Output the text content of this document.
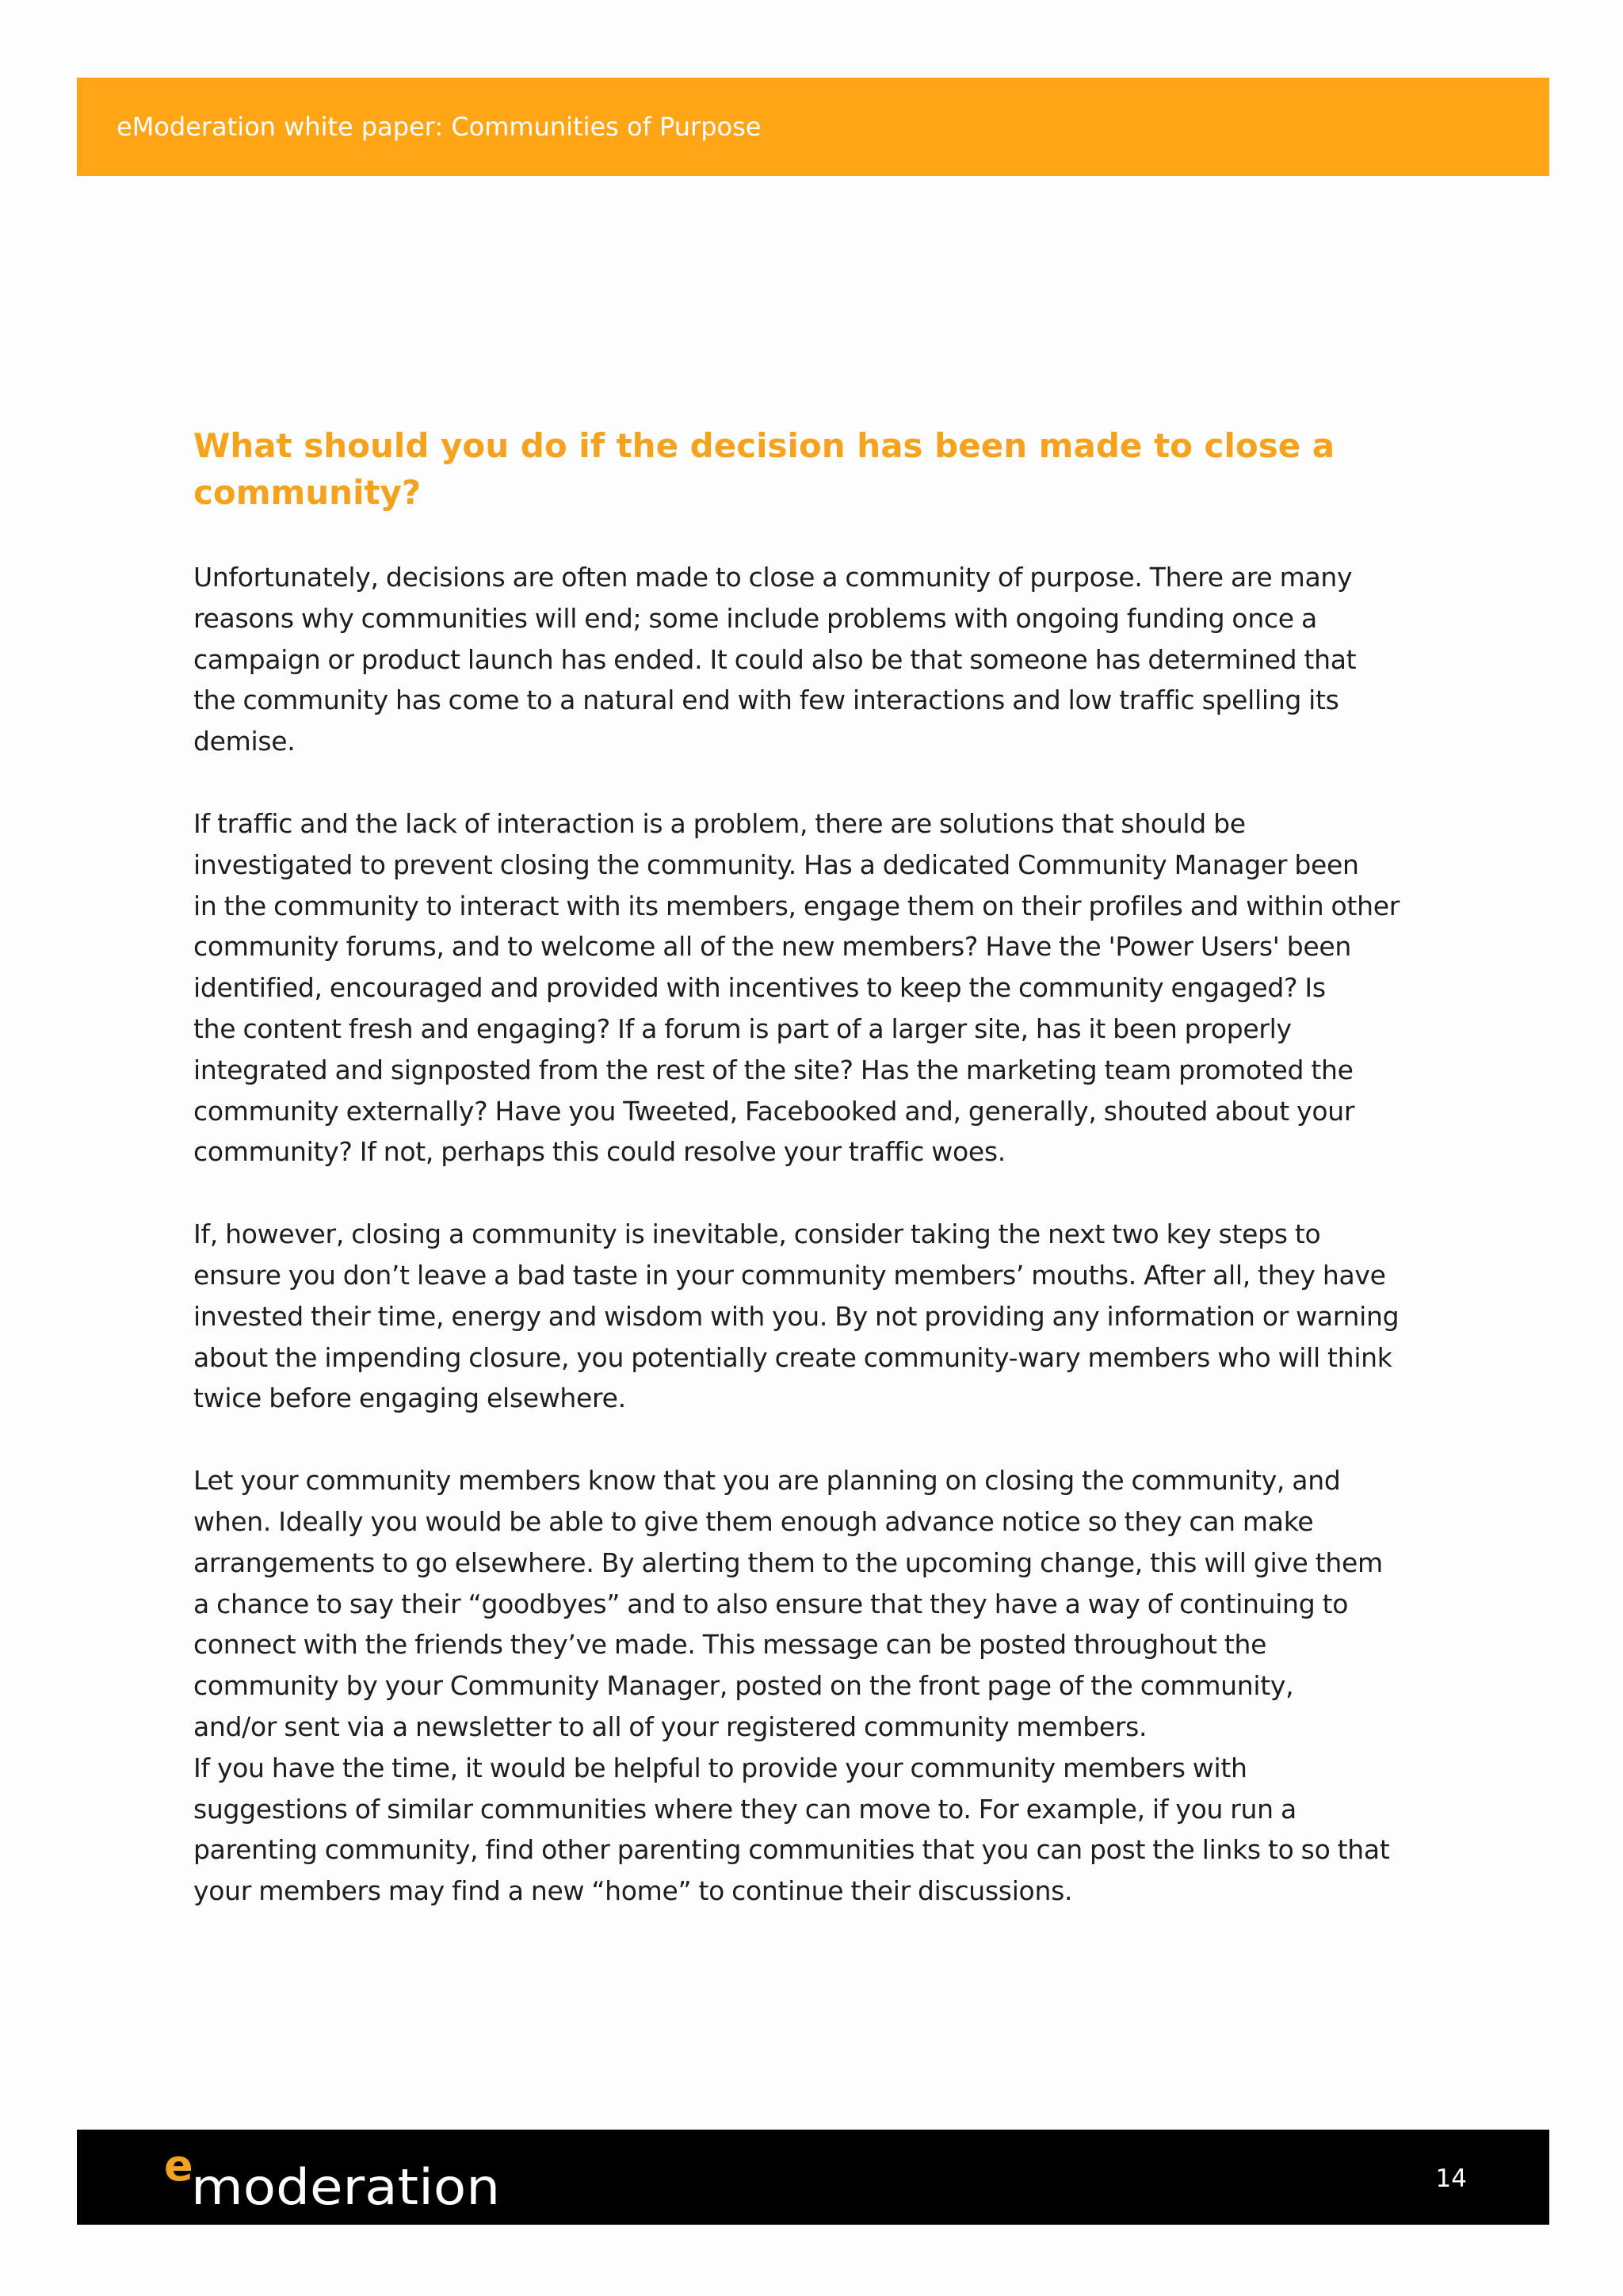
eModeration white paper: Communities of Purpose
What should you do if the decision has been made to close a
community?

Unfortunately, decisions are often made to close a community of purpose. There are many
reasons why communities will end; some include problems with ongoing funding once a
campaign or product launch has ended. It could also be that someone has determined that
the community has come to a natural end with few interactions and low traffic spelling its
demise.

If traffic and the lack of interaction is a problem, there are solutions that should be
investigated to prevent closing the community. Has a dedicated Community Manager been
in the community to interact with its members, engage them on their profiles and within other
community forums, and to welcome all of the new members? Have the 'Power Users' been
identified, encouraged and provided with incentives to keep the community engaged? Is
the content fresh and engaging? If a forum is part of a larger site, has it been properly
integrated and signposted from the rest of the site? Has the marketing team promoted the
community externally? Have you Tweeted, Facebooked and, generally, shouted about your
community? If not, perhaps this could resolve your traffic woes.

If, however, closing a community is inevitable, consider taking the next two key steps to
ensure you don’t leave a bad taste in your community members’ mouths. After all, they have
invested their time, energy and wisdom with you. By not providing any information or warning
about the impending closure, you potentially create community-wary members who will think
twice before engaging elsewhere.

Let your community members know that you are planning on closing the community, and
when. Ideally you would be able to give them enough advance notice so they can make
arrangements to go elsewhere. By alerting them to the upcoming change, this will give them
a chance to say their “goodbyes” and to also ensure that they have a way of continuing to
connect with the friends they’ve made. This message can be posted throughout the
community by your Community Manager, posted on the front page of the community,
and/or sent via a newsletter to all of your registered community members.
If you have the time, it would be helpful to provide your community members with
suggestions of similar communities where they can move to. For example, if you run a
parenting community, find other parenting communities that you can post the links to so that
your members may find a new “home” to continue their discussions.

e
moderation	14
